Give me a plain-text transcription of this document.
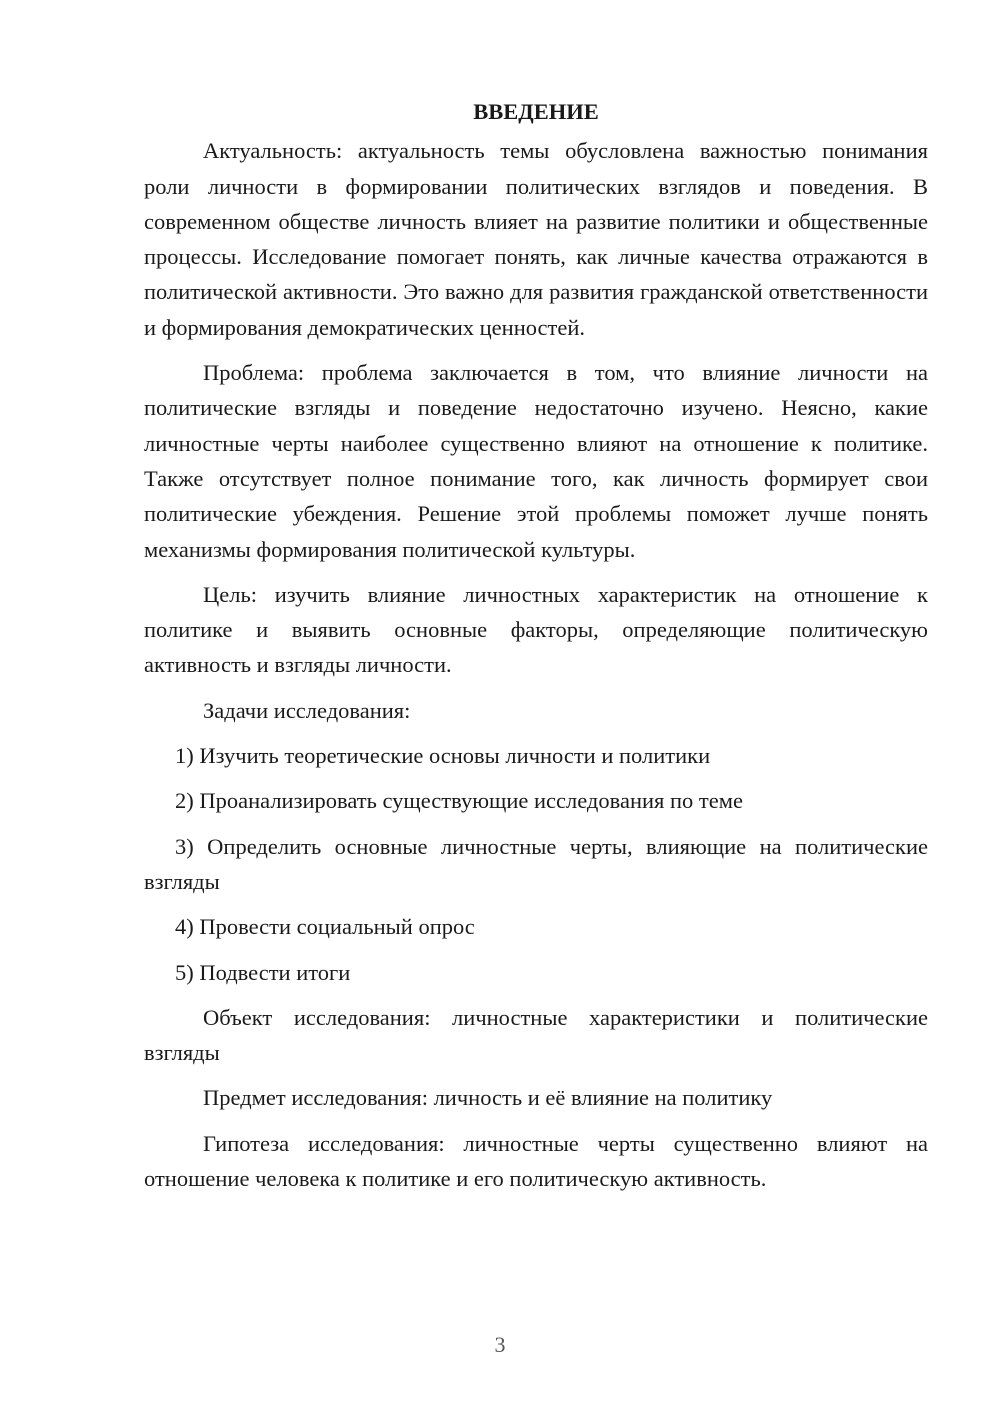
ВВЕДЕНИЕ

Актуальность: актуальность темы обусловлена важностью понимания роли личности в формировании политических взглядов и поведения. В современном обществе личность влияет на развитие политики и общественные процессы. Исследование помогает понять, как личные качества отражаются в политической активности. Это важно для развития гражданской ответственности и формирования демократических ценностей.

Проблема: проблема заключается в том, что влияние личности на политические взгляды и поведение недостаточно изучено. Неясно, какие личностные черты наиболее существенно влияют на отношение к политике. Также отсутствует полное понимание того, как личность формирует свои политические убеждения. Решение этой проблемы поможет лучше понять механизмы формирования политической культуры.

Цель: изучить влияние личностных характеристик на отношение к политике и выявить основные факторы, определяющие политическую активность и взгляды личности.

Задачи исследования:

1) Изучить теоретические основы личности и политики

2) Проанализировать существующие исследования по теме

3) Определить основные личностные черты, влияющие на политические взгляды

4) Провести социальный опрос

5) Подвести итоги

Объект исследования: личностные характеристики и политические взгляды

Предмет исследования: личность и её влияние на политику

Гипотеза исследования: личностные черты существенно влияют на отношение человека к политике и его политическую активность.

3
